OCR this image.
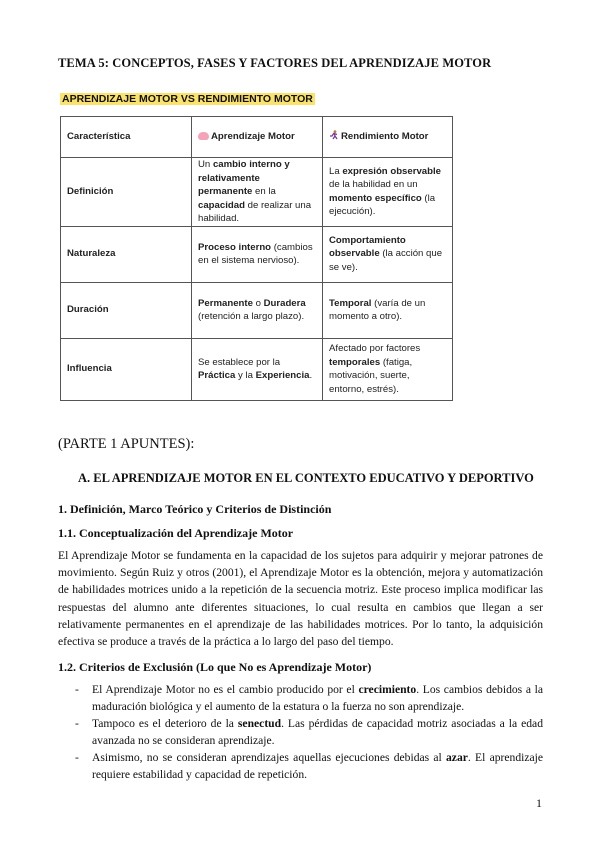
TEMA 5: CONCEPTOS, FASES Y FACTORES DEL APRENDIZAJE MOTOR
APRENDIZAJE MOTOR VS RENDIMIENTO MOTOR
Característica	Aprendizaje Motor	Rendimiento Motor
Definición	Un cambio interno y relativamente permanente en la capacidad de realizar una habilidad.	La expresión observable de la habilidad en un momento específico (la ejecución).
Naturaleza	Proceso interno (cambios en el sistema nervioso).	Comportamiento observable (la acción que se ve).
Duración	Permanente o Duradera (retención a largo plazo).	Temporal (varía de un momento a otro).
Influencia	Se establece por la Práctica y la Experiencia.	Afectado por factores temporales (fatiga, motivación, suerte, entorno, estrés).
(PARTE 1 APUNTES):
A. EL APRENDIZAJE MOTOR EN EL CONTEXTO EDUCATIVO Y DEPORTIVO
1. Definición, Marco Teórico y Criterios de Distinción
1.1. Conceptualización del Aprendizaje Motor
El Aprendizaje Motor se fundamenta en la capacidad de los sujetos para adquirir y mejorar patrones de movimiento. Según Ruiz y otros (2001), el Aprendizaje Motor es la obtención, mejora y automatización de habilidades motrices unido a la repetición de la secuencia motriz. Este proceso implica modificar las respuestas del alumno ante diferentes situaciones, lo cual resulta en cambios que llegan a ser relativamente permanentes en el aprendizaje de las habilidades motrices. Por lo tanto, la adquisición efectiva se produce a través de la práctica a lo largo del paso del tiempo.
1.2. Criterios de Exclusión (Lo que No es Aprendizaje Motor)
- El Aprendizaje Motor no es el cambio producido por el crecimiento. Los cambios debidos a la maduración biológica y el aumento de la estatura o la fuerza no son aprendizaje.
- Tampoco es el deterioro de la senectud. Las pérdidas de capacidad motriz asociadas a la edad avanzada no se consideran aprendizaje.
- Asimismo, no se consideran aprendizajes aquellas ejecuciones debidas al azar. El aprendizaje requiere estabilidad y capacidad de repetición.
1
